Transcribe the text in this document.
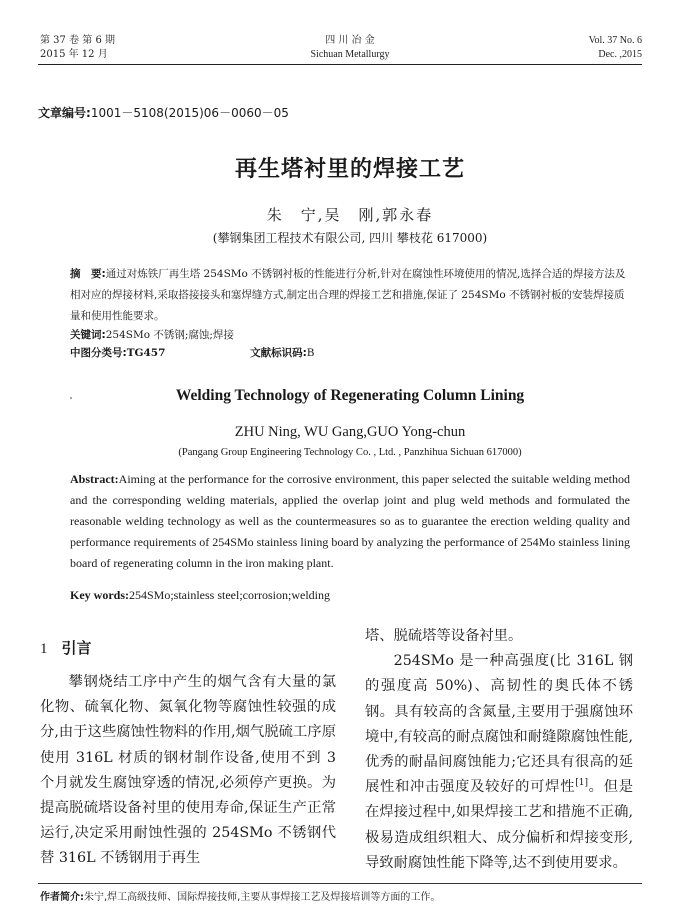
第 37 卷 第 6 期
2015 年 12 月
四 川 冶 金
Sichuan Metallurgy
Vol. 37 No. 6
Dec. ,2015
文章编号:1001－5108(2015)06－0060－05
再生塔衬里的焊接工艺
朱　宁,吴　刚,郭永春
(攀钢集团工程技术有限公司, 四川 攀枝花 617000)
摘　要:通过对炼铁厂再生塔 254SMo 不锈钢衬板的性能进行分析,针对在腐蚀性环境使用的情况,选择合适的焊接方法及相对应的焊接材料,采取搭接接头和塞焊缝方式,制定出合理的焊接工艺和措施,保证了 254SMo 不锈钢衬板的安装焊接质量和使用性能要求。
关键词:254SMo 不锈钢;腐蚀;焊接
中图分类号:TG457	文献标识码:B
Welding Technology of Regenerating Column Lining
ZHU Ning, WU Gang,GUO Yong-chun
(Pangang Group Engineering Technology Co. , Ltd. , Panzhihua Sichuan 617000)
Abstract:Aiming at the performance for the corrosive environment, this paper selected the suitable welding method and the corresponding welding materials, applied the overlap joint and plug weld methods and formulated the reasonable welding technology as well as the countermeasures so as to guarantee the erection welding quality and performance requirements of 254SMo stainless lining board by analyzing the performance of 254Mo stainless lining board of regenerating column in the iron making plant.
Key words:254SMo;stainless steel;corrosion;welding
1 引言

攀钢烧结工序中产生的烟气含有大量的氯化物、硫氧化物、氮氧化物等腐蚀性较强的成分,由于这些腐蚀性物料的作用,烟气脱硫工序原使用 316L 材质的钢材制作设备,使用不到 3 个月就发生腐蚀穿透的情况,必须停产更换。为提高脱硫塔设备衬里的使用寿命,保证生产正常运行,决定采用耐蚀性强的 254SMo 不锈钢代替 316L 不锈钢用于再生

塔、脱硫塔等设备衬里。

254SMo 是一种高强度(比 316L 钢的强度高 50%)、高韧性的奥氏体不锈钢。具有较高的含氮量,主要用于强腐蚀环境中,有较高的耐点腐蚀和耐缝隙腐蚀性能,优秀的耐晶间腐蚀能力;它还具有很高的延展性和冲击强度及较好的可焊性[1]。但是在焊接过程中,如果焊接工艺和措施不正确,极易造成组织粗大、成分偏析和焊接变形,导致耐腐蚀性能下降等,达不到使用要求。

作者简介:朱宁,焊工高级技师、国际焊接技师,主要从事焊接工艺及焊接培训等方面的工作。
